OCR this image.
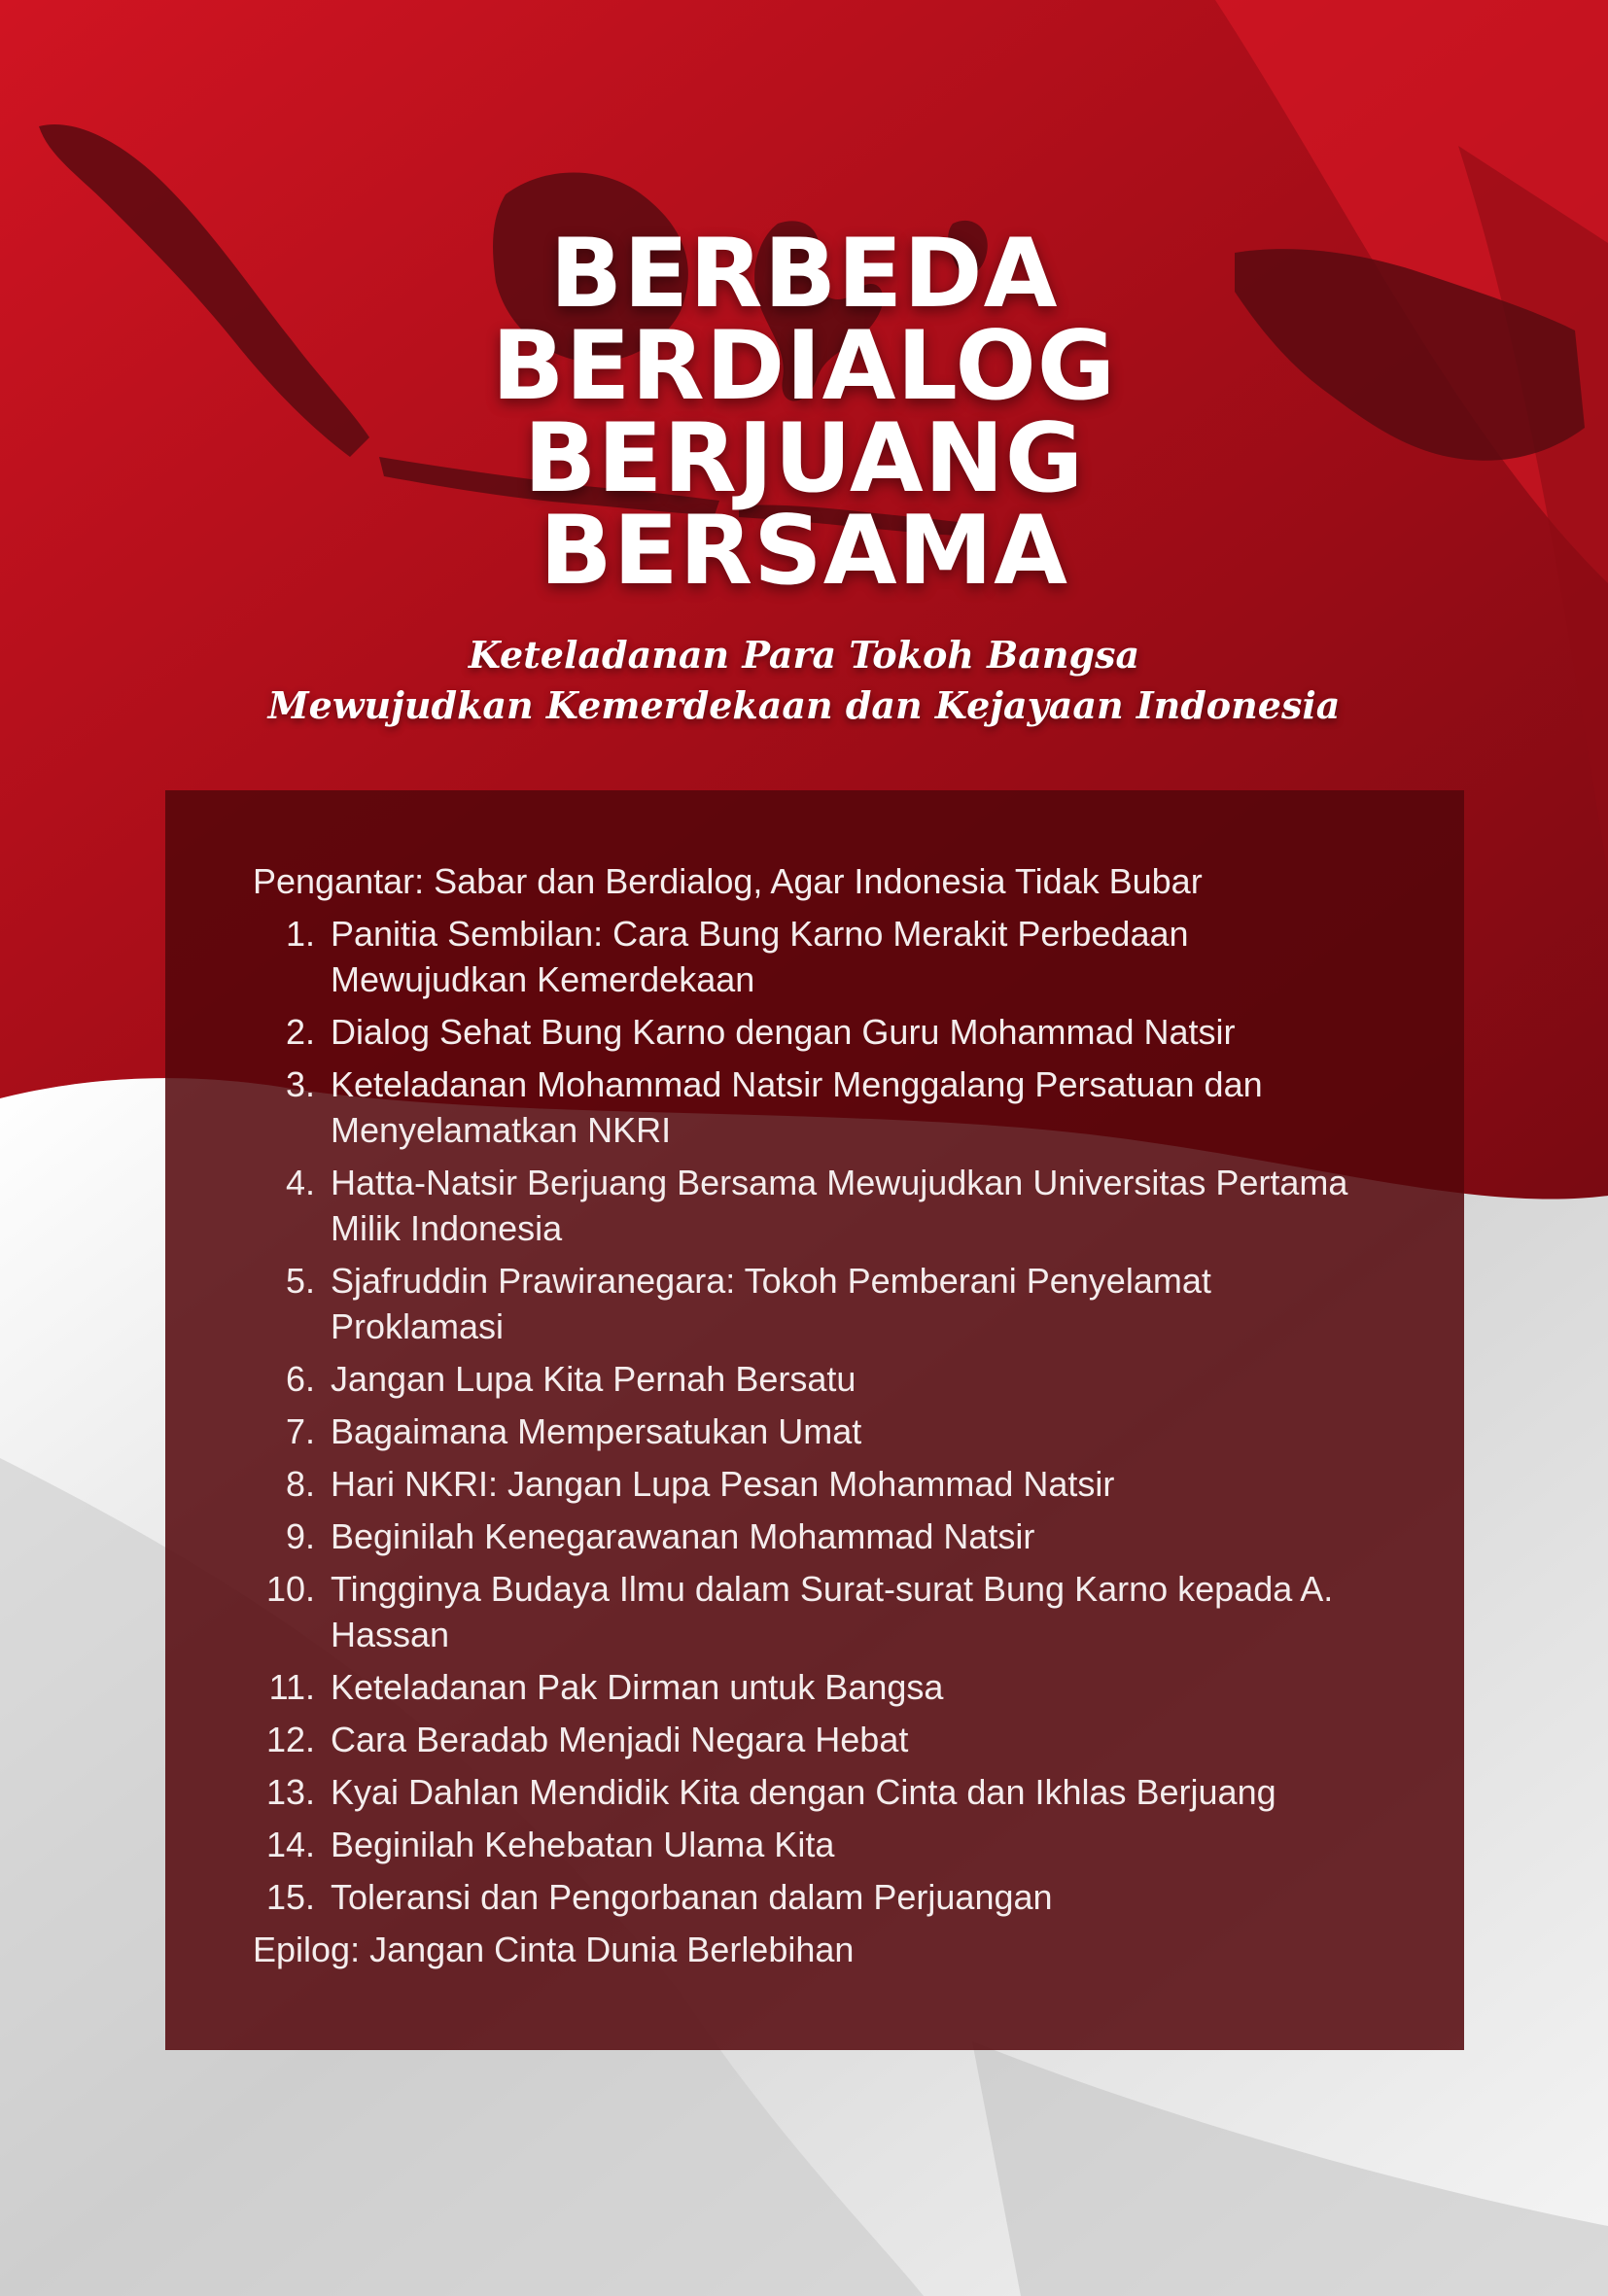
BERBEDA
BERDIALOG
BERJUANG
BERSAMA
Keteladanan Para Tokoh Bangsa
Mewujudkan Kemerdekaan dan Kejayaan Indonesia
Pengantar: Sabar dan Berdialog, Agar Indonesia Tidak Bubar
1. Panitia Sembilan: Cara Bung Karno Merakit Perbedaan Mewujudkan Kemerdekaan
2. Dialog Sehat Bung Karno dengan Guru Mohammad Natsir
3. Keteladanan Mohammad Natsir Menggalang Persatuan dan Menyelamatkan NKRI
4. Hatta-Natsir Berjuang Bersama Mewujudkan Universitas Pertama Milik Indonesia
5. Sjafruddin Prawiranegara: Tokoh Pemberani Penyelamat Proklamasi
6. Jangan Lupa Kita Pernah Bersatu
7. Bagaimana Mempersatukan Umat
8. Hari NKRI: Jangan Lupa Pesan Mohammad Natsir
9. Beginilah Kenegarawanan Mohammad Natsir
10. Tingginya Budaya Ilmu dalam Surat-surat Bung Karno kepada A. Hassan
11. Keteladanan Pak Dirman untuk Bangsa
12. Cara Beradab Menjadi Negara Hebat
13. Kyai Dahlan Mendidik Kita dengan Cinta dan Ikhlas Berjuang
14. Beginilah Kehebatan Ulama Kita
15. Toleransi dan Pengorbanan dalam Perjuangan
Epilog: Jangan Cinta Dunia Berlebihan
